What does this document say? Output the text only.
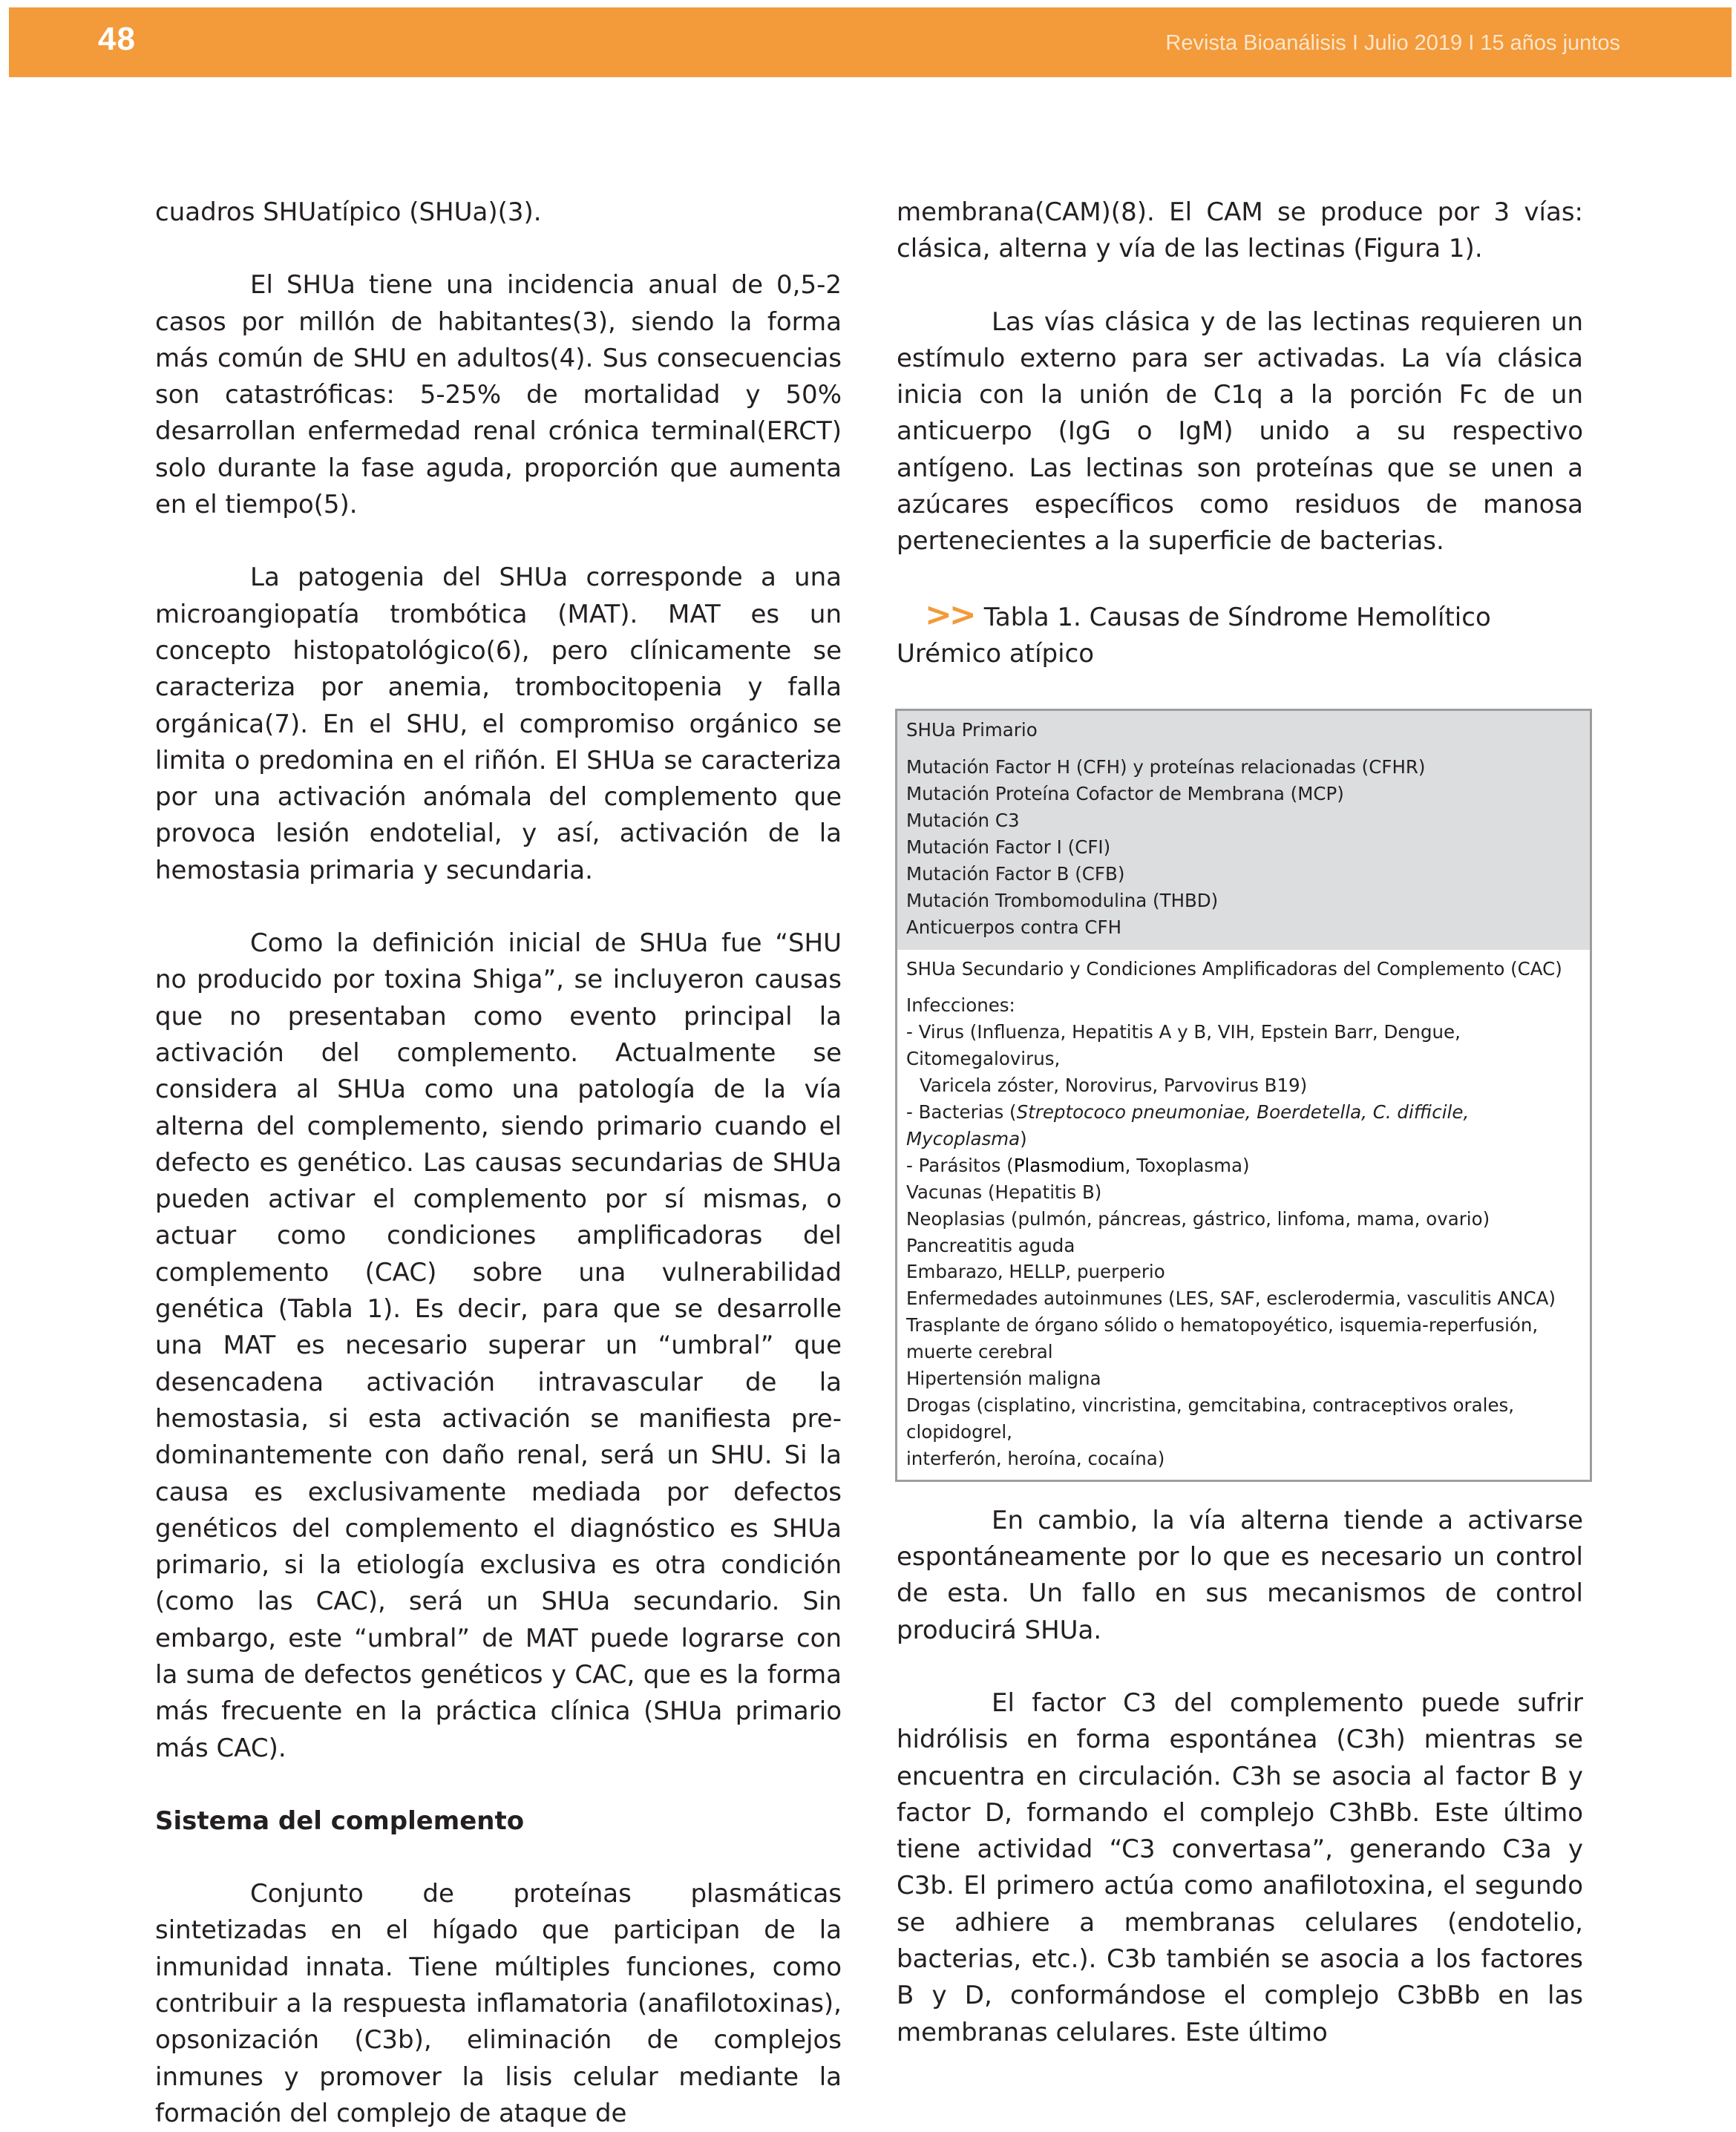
48	Revista Bioanálisis I Julio 2019 I 15 años juntos

cuadros SHUatípico (SHUa)(3).

El SHUa tiene una incidencia anual de 0,5-2 casos por millón de habitantes(3), siendo la forma más común de SHU en adultos(4). Sus consecuencias son catastróficas: 5-25% de mortalidad y 50% desarrollan enfermedad renal crónica terminal(ERCT) solo durante la fase aguda, proporción que aumenta en el tiempo(5).

La patogenia del SHUa corresponde a una microangiopatía trombótica (MAT). MAT es un concepto histopatológico(6), pero clínicamente se caracteriza por anemia, trombocitopenia y falla orgánica(7). En el SHU, el compromiso orgánico se limita o predomina en el riñón. El SHUa se caracteriza por una activación anómala del complemento que provoca lesión endotelial, y así, activación de la hemostasia primaria y secundaria.

Como la definición inicial de SHUa fue “SHU no producido por toxina Shiga”, se incluyeron causas que no presentaban como evento principal la activación del complemento. Actualmente se considera al SHUa como una patología de la vía alterna del complemento, siendo primario cuando el defecto es genético. Las causas secundarias de SHUa pueden activar el complemento por sí mismas, o actuar como condiciones amplificadoras del complemento (CAC) sobre una vulnerabilidad genética (Tabla 1). Es decir, para que se desarrolle una MAT es necesario superar un “umbral” que desencadena activación intravascular de la hemostasia, si esta activación se manifiesta pre- dominantemente con daño renal, será un SHU. Si la causa es exclusivamente mediada por defectos genéticos del complemento el diagnóstico es SHUa primario, si la etiología exclusiva es otra condición (como las CAC), será un SHUa secundario. Sin embargo, este “umbral” de MAT puede lograrse con la suma de defectos genéticos y CAC, que es la forma más frecuente en la práctica clínica (SHUa primario más CAC).

Sistema del complemento

Conjunto de proteínas plasmáticas sintetizadas en el hígado que participan de la inmunidad innata. Tiene múltiples funciones, como contribuir a la respuesta inflamatoria (anafilotoxinas), opsonización (C3b), eliminación de complejos inmunes y promover la lisis celular mediante la formación del complejo de ataque de

membrana(CAM)(8). El CAM se produce por 3 vías: clásica, alterna y vía de las lectinas (Figura 1).

Las vías clásica y de las lectinas requieren un estímulo externo para ser activadas. La vía clásica inicia con la unión de C1q a la porción Fc de un anticuerpo (IgG o IgM) unido a su respectivo antígeno. Las lectinas son proteínas que se unen a azúcares específicos como residuos de manosa pertenecientes a la superficie de bacterias.

>> Tabla 1. Causas de Síndrome Hemolítico Urémico atípico

SHUa Primario
Mutación Factor H (CFH) y proteínas relacionadas (CFHR)
Mutación Proteína Cofactor de Membrana (MCP)
Mutación C3
Mutación Factor I (CFI)
Mutación Factor B (CFB)
Mutación Trombomodulina (THBD)
Anticuerpos contra CFH
SHUa Secundario y Condiciones Amplificadoras del Complemento (CAC)
Infecciones:
- Virus (Influenza, Hepatitis A y B, VIH, Epstein Barr, Dengue, Citomegalovirus,
Varicela zóster, Norovirus, Parvovirus B19)
- Bacterias (Streptococo pneumoniae, Boerdetella, C. difficile, Mycoplasma)
- Parásitos (Plasmodium, Toxoplasma)
Vacunas (Hepatitis B)
Neoplasias (pulmón, páncreas, gástrico, linfoma, mama, ovario)
Pancreatitis aguda
Embarazo, HELLP, puerperio
Enfermedades autoinmunes (LES, SAF, esclerodermia, vasculitis ANCA)
Trasplante de órgano sólido o hematopoyético, isquemia-reperfusión,
muerte cerebral
Hipertensión maligna
Drogas (cisplatino, vincristina, gemcitabina, contraceptivos orales, clopidogrel,
interferón, heroína, cocaína)

En cambio, la vía alterna tiende a activarse espontáneamente por lo que es necesario un control de esta. Un fallo en sus mecanismos de control producirá SHUa.

El factor C3 del complemento puede sufrir hidrólisis en forma espontánea (C3h) mientras se encuentra en circulación. C3h se asocia al factor B y factor D, formando el complejo C3hBb. Este último tiene actividad “C3 convertasa”, generando C3a y C3b. El primero actúa como anafilotoxina, el segundo se adhiere a membranas celulares (endotelio, bacterias, etc.). C3b también se asocia a los factores B y D, conformándose el complejo C3bBb en las membranas celulares. Este último
